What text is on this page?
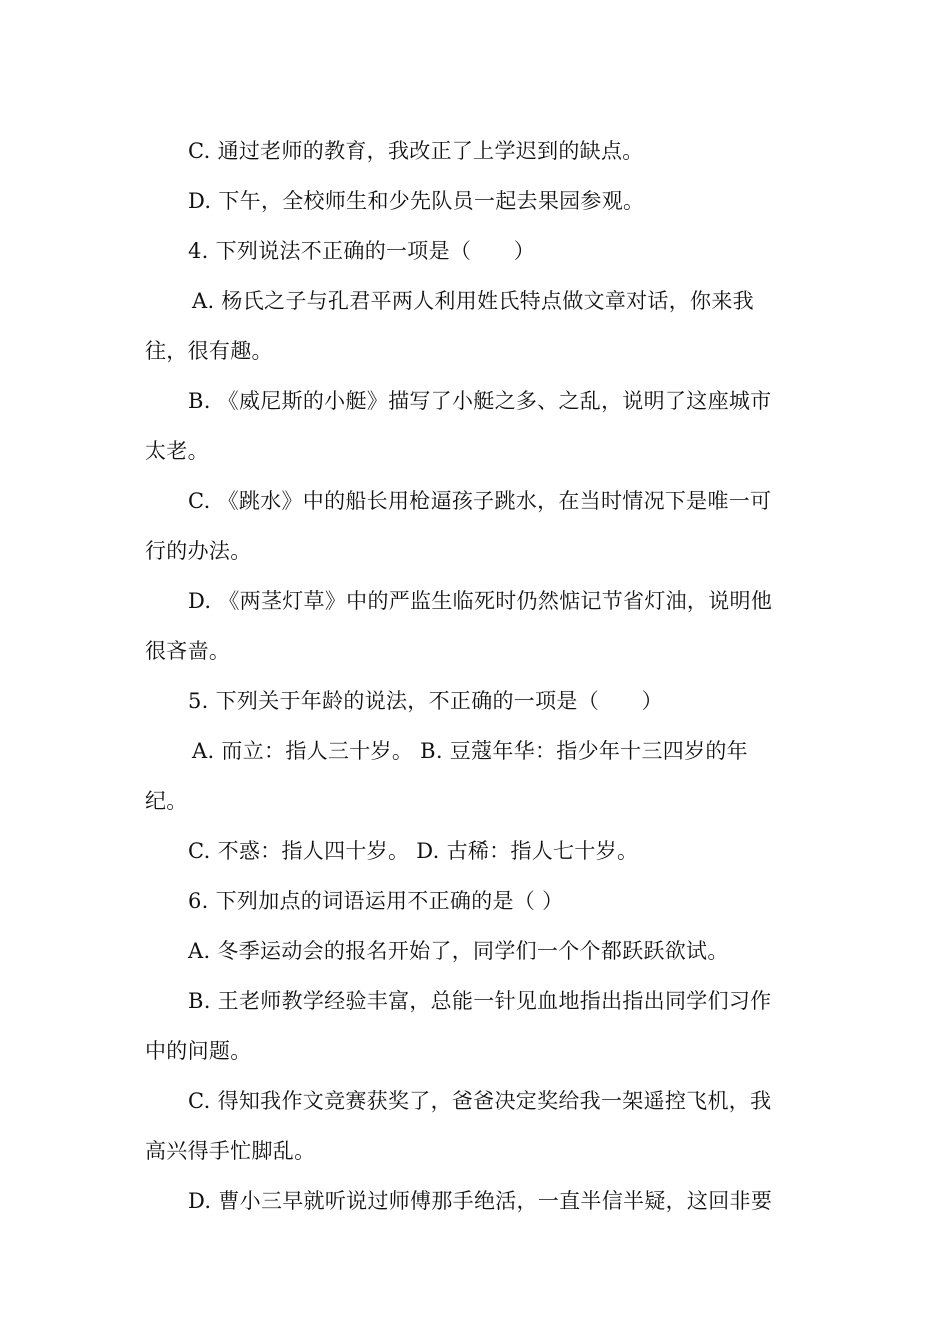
C. 通过老师的教育，我改正了上学迟到的缺点。
D. 下午，全校师生和少先队员一起去果园参观。
4. 下列说法不正确的一项是（　　）
A. 杨氏之子与孔君平两人利用姓氏特点做文章对话，你来我
往，很有趣。
B. 《威尼斯的小艇》描写了小艇之多、之乱，说明了这座城市
太老。
C. 《跳水》中的船长用枪逼孩子跳水，在当时情况下是唯一可
行的办法。
D. 《两茎灯草》中的严监生临死时仍然惦记节省灯油，说明他
很吝啬。
5. 下列关于年龄的说法，不正确的一项是（　　）
A. 而立：指人三十岁。 B. 豆蔻年华：指少年十三四岁的年
纪。
C. 不惑：指人四十岁。 D. 古稀：指人七十岁。
6. 下列加点的词语运用不正确的是（ ）
A. 冬季运动会的报名开始了，同学们一个个都跃跃欲试。
B. 王老师教学经验丰富，总能一针见血地指出指出同学们习作
中的问题。
C. 得知我作文竞赛获奖了，爸爸决定奖给我一架遥控飞机，我
高兴得手忙脚乱。
D. 曹小三早就听说过师傅那手绝活，一直半信半疑，这回非要
